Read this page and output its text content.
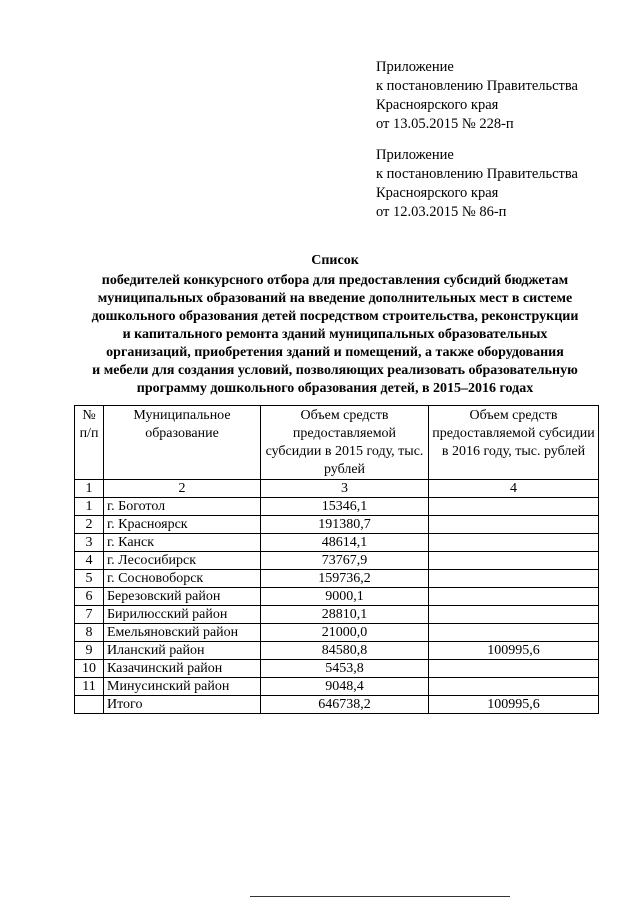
Приложение
к постановлению Правительства
Красноярского края
от 13.05.2015 № 228-п
Приложение
к постановлению Правительства
Красноярского края
от 12.03.2015 № 86-п
Список
победителей конкурсного отбора для предоставления субсидий бюджетам
муниципальных образований на введение дополнительных мест в системе
дошкольного образования детей посредством строительства, реконструкции
и капитального ремонта зданий муниципальных образовательных
организаций, приобретения зданий и помещений, а также оборудования
и мебели для создания условий, позволяющих реализовать образовательную
программу дошкольного образования детей, в 2015–2016 годах
№ п/п	Муниципальное образование	Объем средств предоставляемой субсидии в 2015 году, тыс. рублей	Объем средств предоставляемой субсидии в 2016 году, тыс. рублей
1	2	3	4
1	г. Боготол	15346,1	
2	г. Красноярск	191380,7	
3	г. Канск	48614,1	
4	г. Лесосибирск	73767,9	
5	г. Сосновоборск	159736,2	
6	Березовский район	9000,1	
7	Бирилюсский район	28810,1	
8	Емельяновский район	21000,0	
9	Иланский район	84580,8	100995,6
10	Казачинский район	5453,8	
11	Минусинский район	9048,4	
	Итого	646738,2	100995,6
